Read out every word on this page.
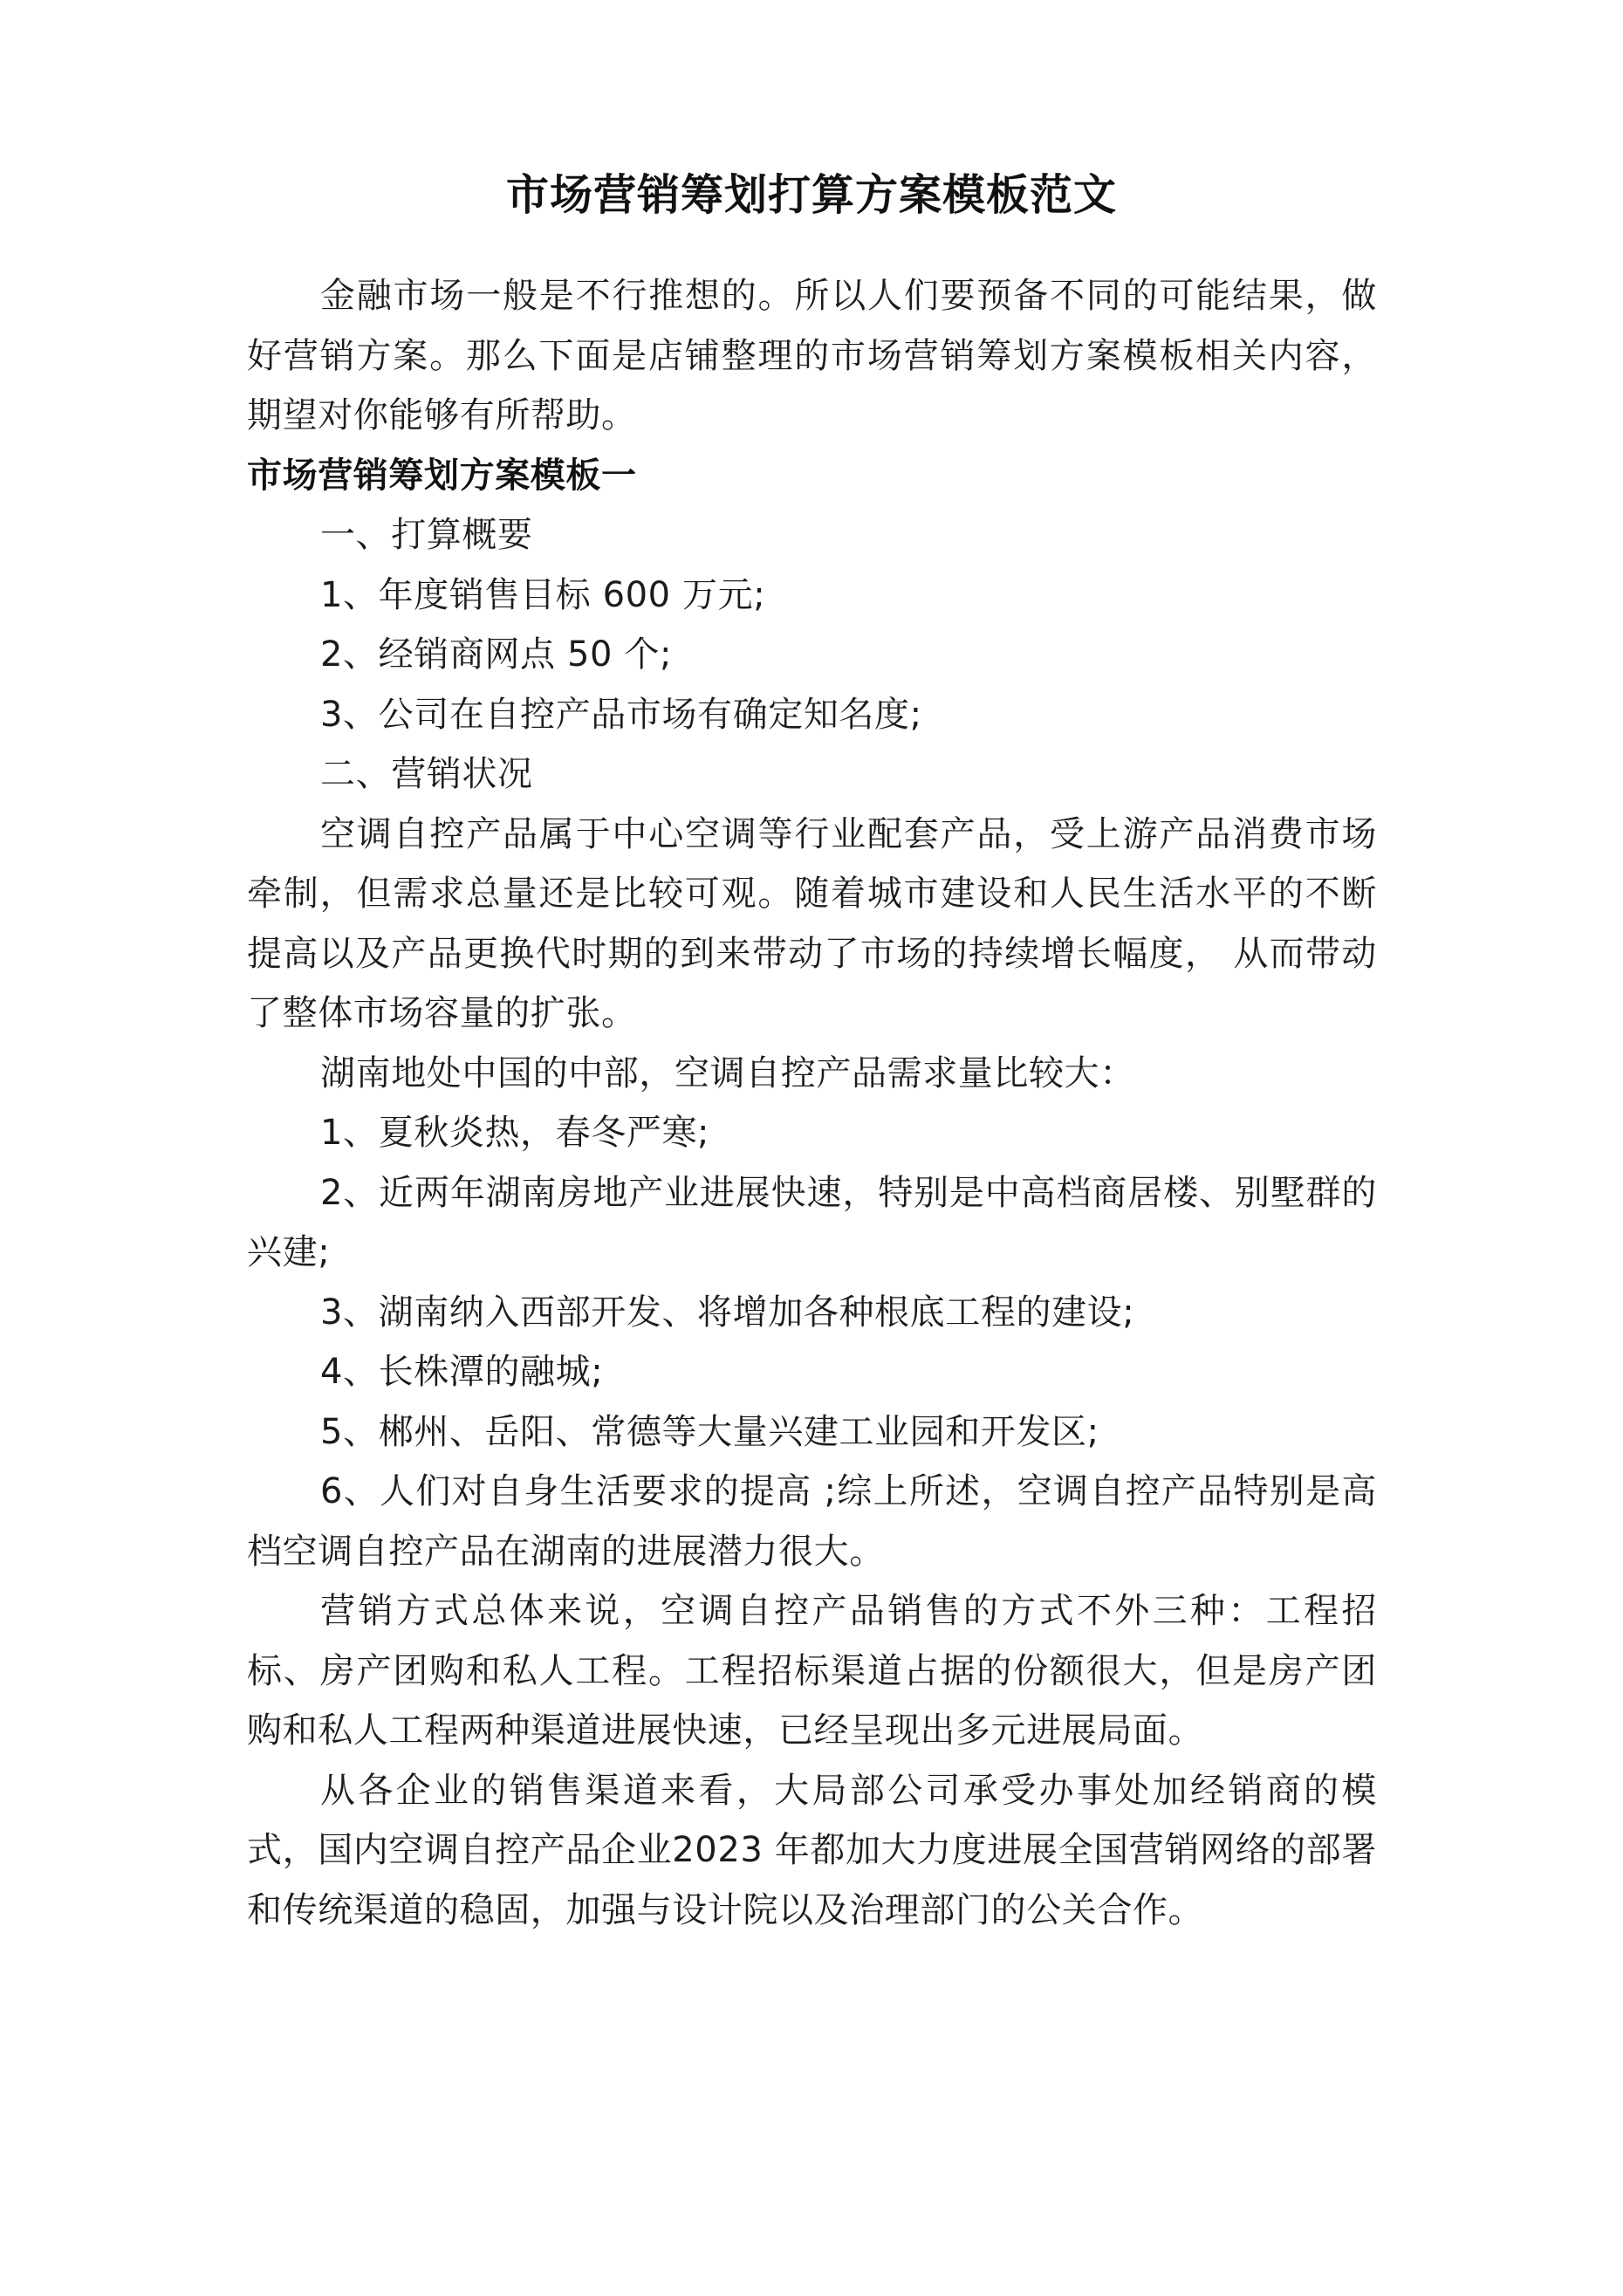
市场营销筹划打算方案模板范文

金融市场一般是不行推想的。所以人们要预备不同的可能结果，做好营销方案。那么下面是店铺整理的市场营销筹划方案模板相关内容，期望对你能够有所帮助。

市场营销筹划方案模板一

一、打算概要

1、年度销售目标 600 万元;

2、经销商网点 50 个;

3、公司在自控产品市场有确定知名度;

二、营销状况

空调自控产品属于中心空调等行业配套产品，受上游产品消费市场牵制，但需求总量还是比较可观。随着城市建设和人民生活水平的不断提高以及产品更换代时期的到来带动了市场的持续增长幅度， 从而带动了整体市场容量的扩张。

湖南地处中国的中部，空调自控产品需求量比较大：

1、夏秋炎热，春冬严寒;

2、近两年湖南房地产业进展快速，特别是中高档商居楼、别墅群的兴建;

3、湖南纳入西部开发、将增加各种根底工程的建设;

4、长株潭的融城;

5、郴州、岳阳、常德等大量兴建工业园和开发区;

6、人们对自身生活要求的提高 ;综上所述，空调自控产品特别是高档空调自控产品在湖南的进展潜力很大。

营销方式总体来说，空调自控产品销售的方式不外三种：工程招标、房产团购和私人工程。工程招标渠道占据的份额很大，但是房产团购和私人工程两种渠道进展快速，已经呈现出多元进展局面。

从各企业的销售渠道来看，大局部公司承受办事处加经销商的模式，国内空调自控产品企业2023 年都加大力度进展全国营销网络的部署和传统渠道的稳固，加强与设计院以及治理部门的公关合作。
